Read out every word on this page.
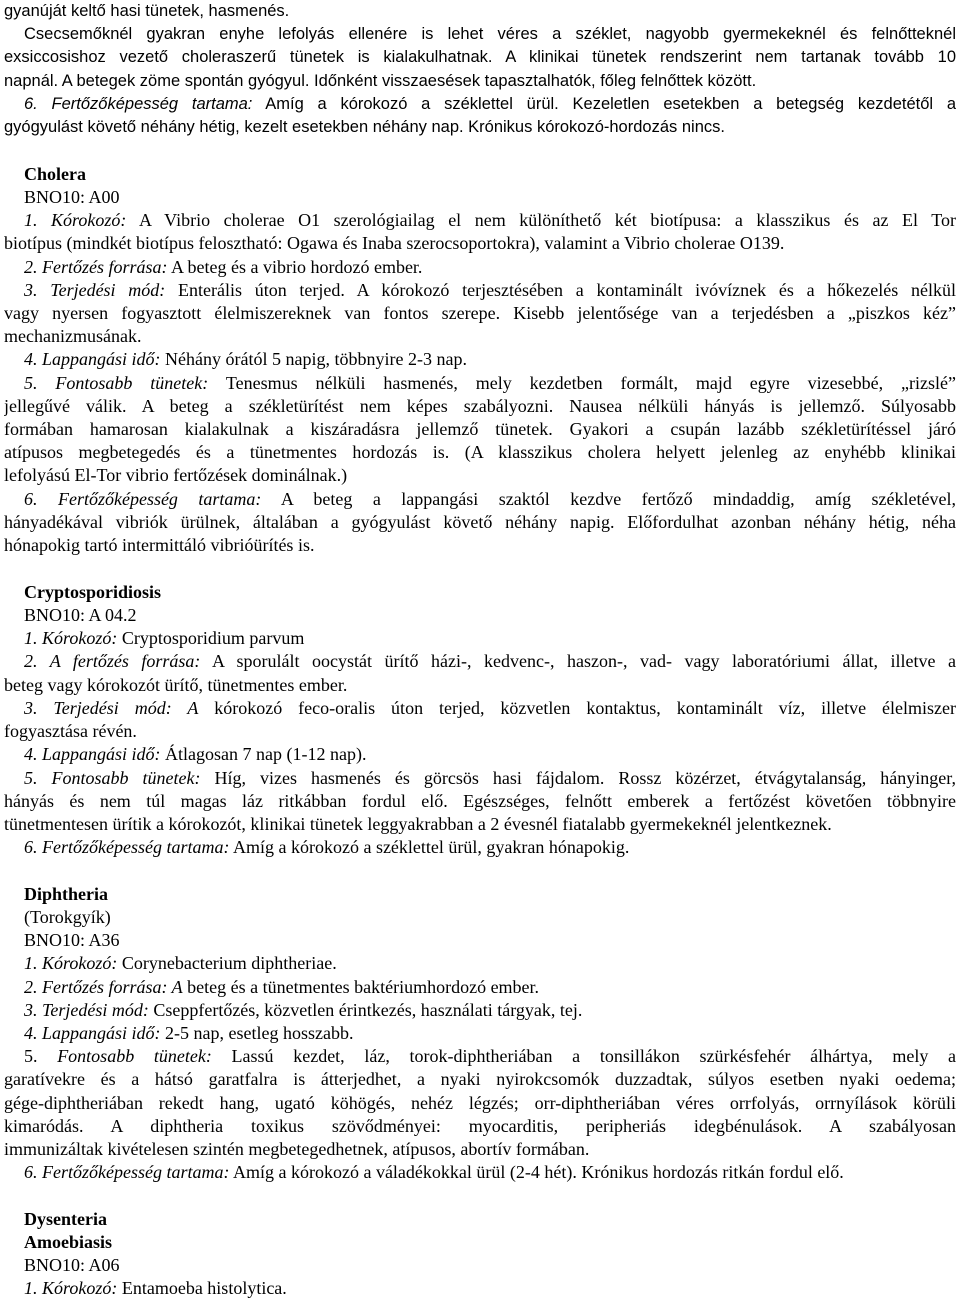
gyanúját keltő hasi tünetek, hasmenés.
Csecsemőknél gyakran enyhe lefolyás ellenére is lehet véres a széklet, nagyobb gyermekeknél és felnőtteknél
exsiccosishoz vezető choleraszerű tünetek is kialakulhatnak. A klinikai tünetek rendszerint nem tartanak tovább 10
napnál. A betegek zöme spontán gyógyul. Időnként visszaesések tapasztalhatók, főleg felnőttek között.
6. Fertőzőképesség tartama: Amíg a kórokozó a széklettel ürül. Kezeletlen esetekben a betegség kezdetétől a
gyógyulást követő néhány hétig, kezelt esetekben néhány nap. Krónikus kórokozó-hordozás nincs.
Cholera
BNO10: A00
1. Kórokozó: A Vibrio cholerae O1 szerológiailag el nem különíthető két biotípusa: a klasszikus és az El Tor
biotípus (mindkét biotípus felosztható: Ogawa és Inaba szerocsoportokra), valamint a Vibrio cholerae O139.
2. Fertőzés forrása: A beteg és a vibrio hordozó ember.
3. Terjedési mód: Enterális úton terjed. A kórokozó terjesztésében a kontaminált ivóvíznek és a hőkezelés nélkül
vagy nyersen fogyasztott élelmiszereknek van fontos szerepe. Kisebb jelentősége van a terjedésben a „piszkos kéz”
mechanizmusának.
4. Lappangási idő: Néhány órától 5 napig, többnyire 2-3 nap.
5. Fontosabb tünetek: Tenesmus nélküli hasmenés, mely kezdetben formált, majd egyre vizesebbé, „rizslé”
jellegűvé válik. A beteg a székletürítést nem képes szabályozni. Nausea nélküli hányás is jellemző. Súlyosabb
formában hamarosan kialakulnak a kiszáradásra jellemző tünetek. Gyakori a csupán lazább székletürítéssel járó
atípusos megbetegedés és a tünetmentes hordozás is. (A klasszikus cholera helyett jelenleg az enyhébb klinikai
lefolyású El-Tor vibrio fertőzések dominálnak.)
6. Fertőzőképesség tartama: A beteg a lappangási szaktól kezdve fertőző mindaddig, amíg székletével,
hányadékával vibriók ürülnek, általában a gyógyulást követő néhány napig. Előfordulhat azonban néhány hétig, néha
hónapokig tartó intermittáló vibrióürítés is.
Cryptosporidiosis
BNO10: A 04.2
1. Kórokozó: Cryptosporidium parvum
2. A fertőzés forrása: A sporulált oocystát ürítő házi-, kedvenc-, haszon-, vad- vagy laboratóriumi állat, illetve a
beteg vagy kórokozót ürítő, tünetmentes ember.
3. Terjedési mód: A kórokozó feco-oralis úton terjed, közvetlen kontaktus, kontaminált víz, illetve élelmiszer
fogyasztása révén.
4. Lappangási idő: Átlagosan 7 nap (1-12 nap).
5. Fontosabb tünetek: Híg, vizes hasmenés és görcsös hasi fájdalom. Rossz közérzet, étvágytalanság, hányinger,
hányás és nem túl magas láz ritkábban fordul elő. Egészséges, felnőtt emberek a fertőzést követően többnyire
tünetmentesen ürítik a kórokozót, klinikai tünetek leggyakrabban a 2 évesnél fiatalabb gyermekeknél jelentkeznek.
6. Fertőzőképesség tartama: Amíg a kórokozó a széklettel ürül, gyakran hónapokig.
Diphtheria
(Torokgyík)
BNO10: A36
1. Kórokozó: Corynebacterium diphtheriae.
2. Fertőzés forrása: A beteg és a tünetmentes baktériumhordozó ember.
3. Terjedési mód: Cseppfertőzés, közvetlen érintkezés, használati tárgyak, tej.
4. Lappangási idő: 2-5 nap, esetleg hosszabb.
5. Fontosabb tünetek: Lassú kezdet, láz, torok-diphtheriában a tonsillákon szürkésfehér álhártya, mely a
garatívekre és a hátsó garatfalra is átterjedhet, a nyaki nyirokcsomók duzzadtak, súlyos esetben nyaki oedema;
gége-diphtheriában rekedt hang, ugató köhögés, nehéz légzés; orr-diphtheriában véres orrfolyás, orrnyílások körüli
kimaródás. A diphtheria toxikus szövődményei: myocarditis, peripheriás idegbénulások. A szabályosan
immunizáltak kivételesen szintén megbetegedhetnek, atípusos, abortív formában.
6. Fertőzőképesség tartama: Amíg a kórokozó a váladékokkal ürül (2-4 hét). Krónikus hordozás ritkán fordul elő.
Dysenteria
Amoebiasis
BNO10: A06
1. Kórokozó: Entamoeba histolytica.
